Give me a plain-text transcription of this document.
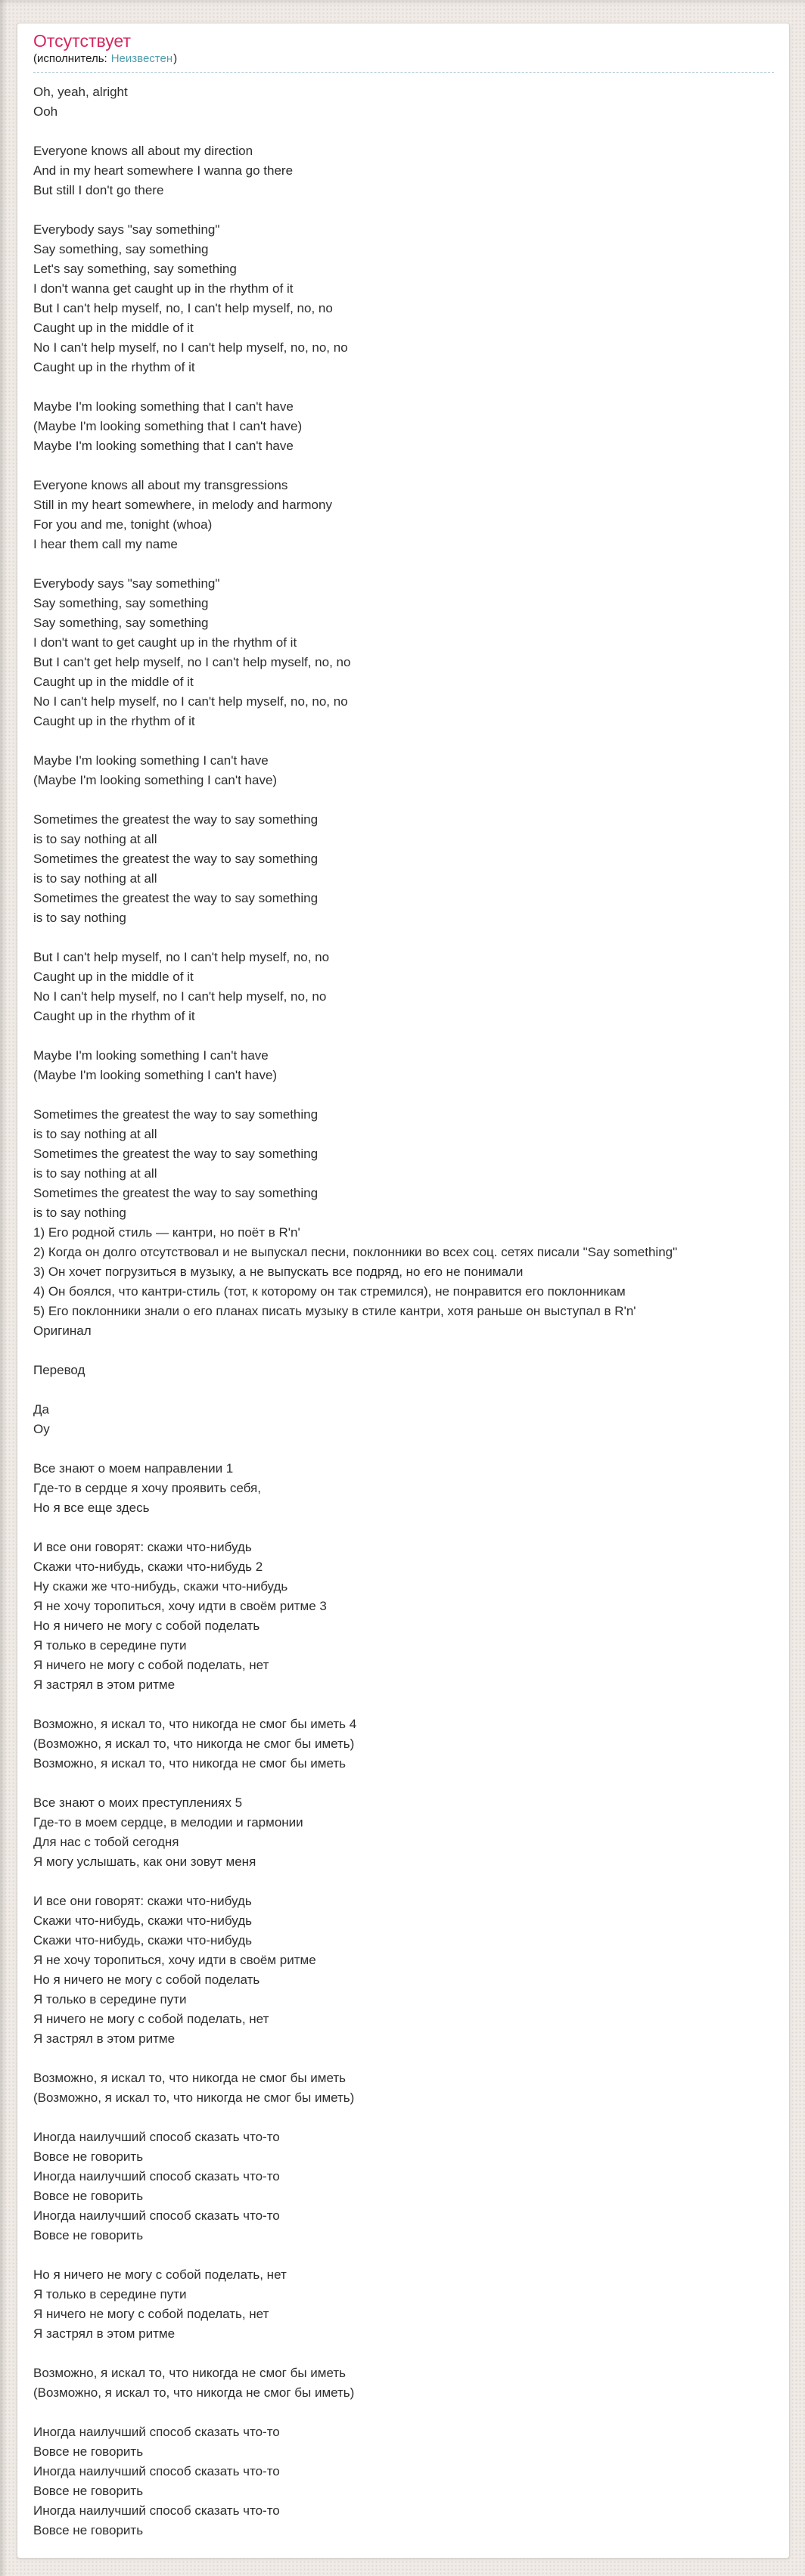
Отсутствует
(исполнитель: Неизвестен)
Oh, yeah, alright
Ooh

Everyone knows all about my direction
And in my heart somewhere I wanna go there
But still I don't go there

Everybody says "say something"
Say something, say something
Let's say something, say something
I don't wanna get caught up in the rhythm of it
But I can't help myself, no, I can't help myself, no, no
Caught up in the middle of it
No I can't help myself, no I can't help myself, no, no, no
Caught up in the rhythm of it

Maybe I'm looking something that I can't have
(Maybe I'm looking something that I can't have)
Maybe I'm looking something that I can't have

Everyone knows all about my transgressions
Still in my heart somewhere, in melody and harmony
For you and me, tonight (whoa)
I hear them call my name

Everybody says "say something"
Say something, say something
Say something, say something
I don't want to get caught up in the rhythm of it
But I can't get help myself, no I can't help myself, no, no
Caught up in the middle of it
No I can't help myself, no I can't help myself, no, no, no
Caught up in the rhythm of it

Maybe I'm looking something I can't have
(Maybe I'm looking something I can't have)

Sometimes the greatest the way to say something
is to say nothing at all
Sometimes the greatest the way to say something
is to say nothing at all
Sometimes the greatest the way to say something
is to say nothing

But I can't help myself, no I can't help myself, no, no
Caught up in the middle of it
No I can't help myself, no I can't help myself, no, no
Caught up in the rhythm of it

Maybe I'm looking something I can't have
(Maybe I'm looking something I can't have)

Sometimes the greatest the way to say something
is to say nothing at all
Sometimes the greatest the way to say something
is to say nothing at all
Sometimes the greatest the way to say something
is to say nothing
1) Его родной стиль — кантри, но поёт в R'n'
2) Когда он долго отсутствовал и не выпускал песни, поклонники во всех соц. сетях писали "Say something"
3) Он хочет погрузиться в музыку, а не выпускать все подряд, но его не понимали
4) Он боялся, что кантри-стиль (тот, к которому он так стремился), не понравится его поклонникам
5) Его поклонники знали о его планах писать музыку в стиле кантри, хотя раньше он выступал в R'n'
Оригинал

Перевод

Да
Оу

Все знают о моем направлении 1
Где-то в сердце я хочу проявить себя,
Но я все еще здесь

И все они говорят: скажи что-нибудь
Скажи что-нибудь, скажи что-нибудь 2
Ну скажи же что-нибудь, скажи что-нибудь
Я не хочу торопиться, хочу идти в своём ритме 3
Но я ничего не могу с собой поделать
Я только в середине пути
Я ничего не могу с собой поделать, нет
Я застрял в этом ритме

Возможно, я искал то, что никогда не смог бы иметь 4
(Возможно, я искал то, что никогда не смог бы иметь)
Возможно, я искал то, что никогда не смог бы иметь

Все знают о моих преступлениях 5
Где-то в моем сердце, в мелодии и гармонии
Для нас с тобой сегодня
Я могу услышать, как они зовут меня

И все они говорят: скажи что-нибудь
Скажи что-нибудь, скажи что-нибудь
Скажи что-нибудь, скажи что-нибудь
Я не хочу торопиться, хочу идти в своём ритме
Но я ничего не могу с собой поделать
Я только в середине пути
Я ничего не могу с собой поделать, нет
Я застрял в этом ритме

Возможно, я искал то, что никогда не смог бы иметь
(Возможно, я искал то, что никогда не смог бы иметь)

Иногда наилучший способ сказать что-то
Вовсе не говорить
Иногда наилучший способ сказать что-то
Вовсе не говорить
Иногда наилучший способ сказать что-то
Вовсе не говорить

Но я ничего не могу с собой поделать, нет
Я только в середине пути
Я ничего не могу с собой поделать, нет
Я застрял в этом ритме

Возможно, я искал то, что никогда не смог бы иметь
(Возможно, я искал то, что никогда не смог бы иметь)

Иногда наилучший способ сказать что-то
Вовсе не говорить
Иногда наилучший способ сказать что-то
Вовсе не говорить
Иногда наилучший способ сказать что-то
Вовсе не говорить
